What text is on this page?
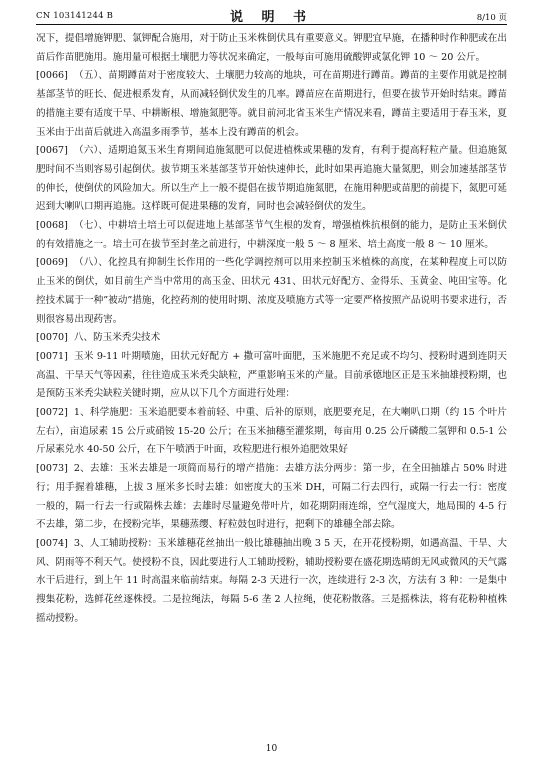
CN 103141244 B	说 明 书	8/10 页

况下，提倡增施钾肥、氯钾配合施用，对于防止玉米株倒伏具有重要意义。钾肥宜早施，在播种时作种肥或在出苗后作苗肥施用。施用量可根据土壤肥力等状况来确定，一般每亩可施用硫酸钾或氯化钾 10 ～ 20 公斤。

[0066] （五）、苗期蹲苗对于密度较大、土壤肥力较高的地块，可在苗期进行蹲苗。蹲苗的主要作用就是控制基部茎节的旺长、促进根系发育，从而减轻倒伏发生的几率。蹲苗应在苗期进行，但要在拔节开始时结束。蹲苗的措施主要有适度干旱、中耕断根、增施氮肥等。就目前河北省玉米生产情况来看，蹲苗主要适用于春玉米，夏玉米由于出苗后就进入高温多雨季节，基本上没有蹲苗的机会。

[0067] （六）、适期追氮玉米生育期间追施氮肥可以促进植株或果穗的发育，有利于提高籽粒产量。但追施氮肥时间不当则容易引起倒伏。拔节期玉米基部茎节开始快速伸长，此时如果再追施大量氮肥，则会加速基部茎节的伸长，使倒伏的风险加大。所以生产上一般不提倡在拔节期追施氮肥，在施用种肥或苗肥的前提下，氮肥可延迟到大喇叭口期再追施。这样既可促进果穗的发育，同时也会减轻倒伏的发生。

[0068] （七）、中耕培土培土可以促进地上基部茎节气生根的发育，增强植株抗根倒的能力，是防止玉米倒伏的有效措施之一。培土可在拔节至封垄之前进行，中耕深度一般 5 ～ 8 厘米、培土高度一般 8 ～ 10 厘米。

[0069] （八）、化控具有抑制生长作用的一些化学调控剂可以用来控制玉米植株的高度，在某种程度上可以防止玉米的倒伏，如目前生产当中常用的高玉金、田状元 431、田状元好配方、金得乐、玉黄金、吨田宝等。化控技术属于一种”被动”措施，化控药剂的使用时期、浓度及喷施方式等一定要严格按照产品说明书要求进行，否则很容易出现药害。

[0070] 八、防玉米秃尖技术

[0071] 玉米 9-11 叶期喷施，田状元好配方 + 撒可富叶面肥，玉米施肥不充足或不均匀、授粉时遇到连阴天高温、干旱天气等因素，往往造成玉米秃尖缺粒，严重影响玉米的产量。目前承德地区正是玉米抽雄授粉期，也是预防玉米秃尖缺粒关键时期，应从以下几个方面进行处理：

[0072] 1、科学施肥：玉米追肥要本着前轻、中重、后补的原则，底肥要充足，在大喇叭口期（约 15 个叶片左右），亩追尿素 15 公斤或硝铵 15-20 公斤；在玉米抽穗至灌浆期，每亩用 0.25 公斤磷酸二氢钾和 0.5-1 公斤尿素兑水 40-50 公斤，在下午喷洒于叶面，攻粒肥进行根外追肥效果好

[0073] 2、去雄：玉米去雄是一项简而易行的增产措施：去雄方法分两步：第一步，在全田抽雄占 50% 时进行；用手握着雄穗，上拔 3 厘米多长时去雄：如密度大的玉米 DH，可隔二行去四行，或隔一行去一行：密度一般的，隔一行去一行或隔株去雄：去雄时尽量避免带叶片，如花期阴雨连绵，空气湿度大，地局围的 4-5 行不去雄，第二步，在授粉完毕，果穗蒸缨、籽粒鼓包时进行，把剩下的雄穗全部去除。

[0074] 3、人工辅助授粉：玉米雄穗花丝抽出一般比雄穗抽出晚 3 5 天，在开花授粉期，如遇高温、干旱、大风、阴雨等不利天气。使授粉不良，因此要进行人工辅助授粉，辅助授粉要在盛花期选晴朗无风或微风的天气露水干后进行，到上午 11 时高温来临前结束。每隔 2-3 天进行一次，连续进行 2-3 次，方法有 3 种：一是集中搜集花粉，选鲜花丝逐株授。二是拉绳法，每隔 5-6 垄 2 人拉绳，使花粉散落。三是摇株法，将有花粉种植株摇动授粉。

10
